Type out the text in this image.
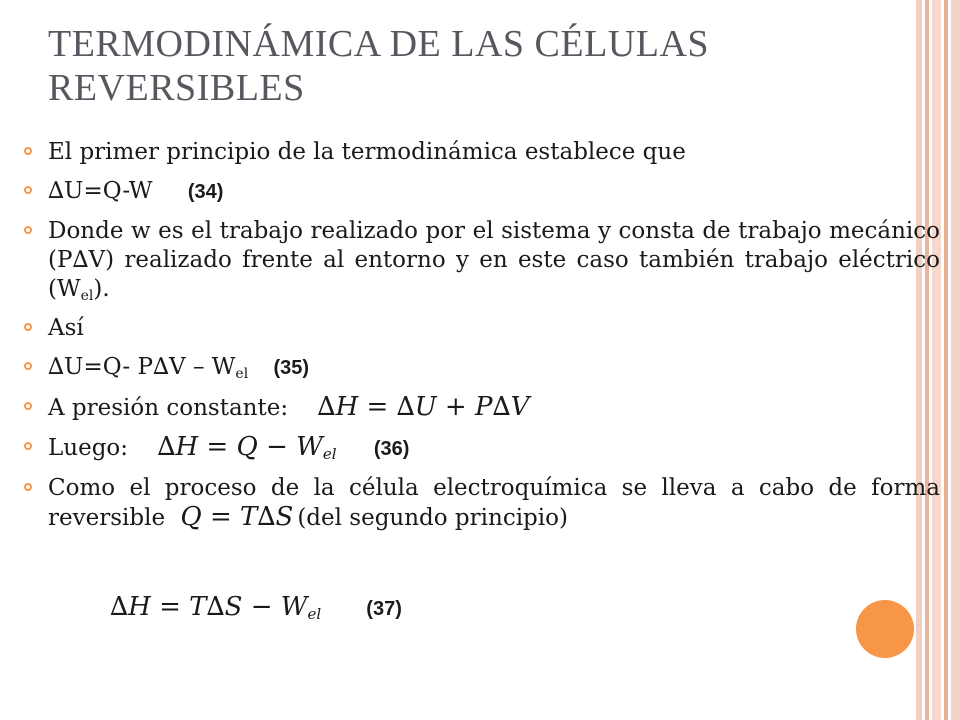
TERMODINÁMICA DE LAS CÉLULAS
REVERSIBLES
El primer principio de la termodinámica establece que
∆U=Q-W (34)
Donde w es el trabajo realizado por el sistema y consta de trabajo mecánico (P∆V) realizado frente al entorno y en este caso también trabajo eléctrico $(W_{el})$.
Así
∆U=Q- $P\Delta V - W_{el}$ (35)
A presión constante: ∆H = ∆U + P∆V
Luego: $\Delta H = Q - W_{el}$ (36)
Como el proceso de la célula electroquímica se lleva a cabo de forma reversible Q = T∆S (del segundo principio)
$\Delta H = T\Delta S - W_{el}$ (37)
